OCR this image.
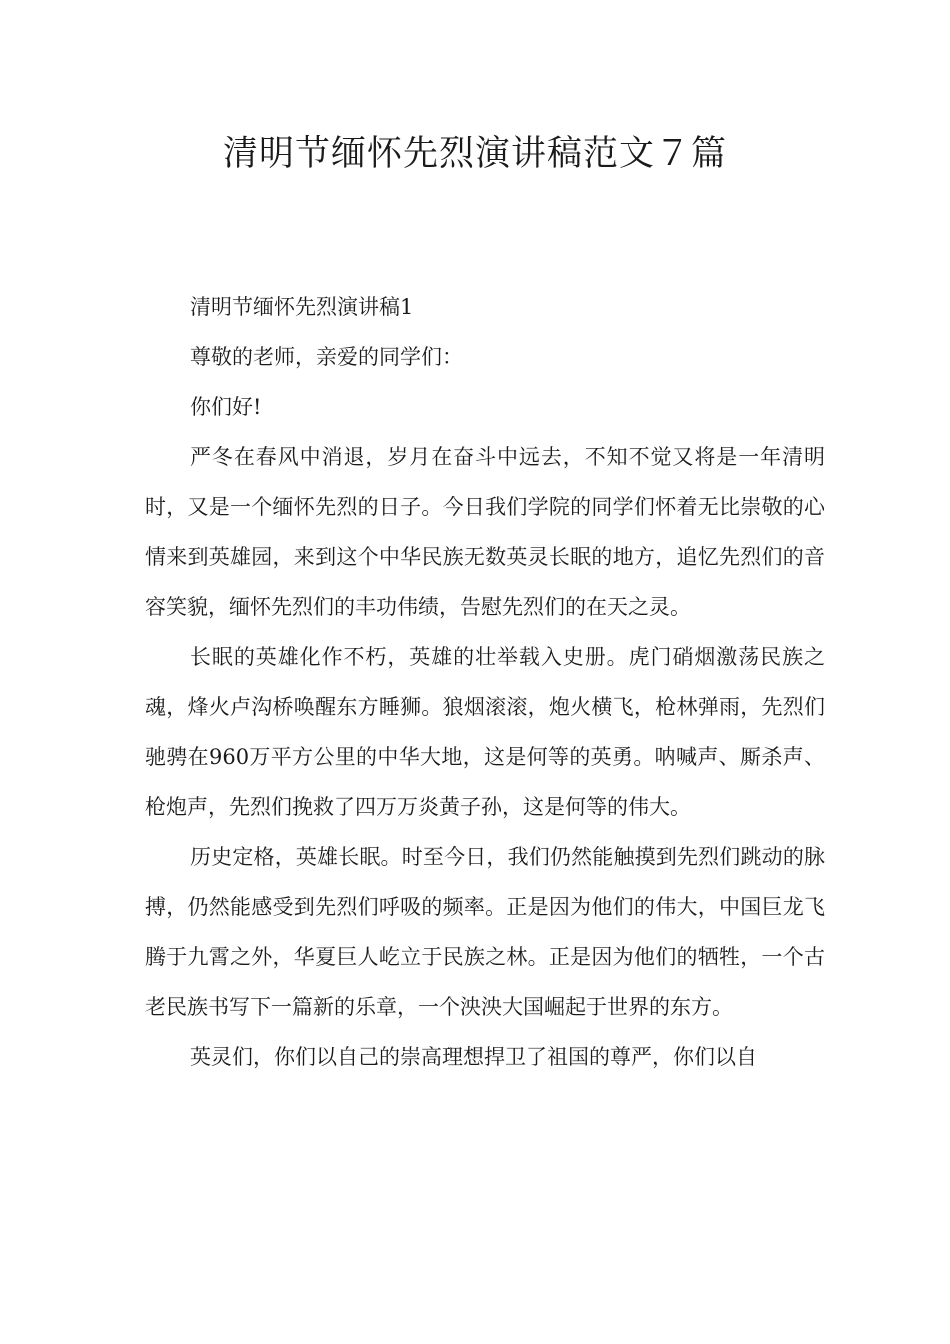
清明节缅怀先烈演讲稿范文７篇

清明节缅怀先烈演讲稿1

尊敬的老师，亲爱的同学们：

你们好!

严冬在春风中消退，岁月在奋斗中远去，不知不觉又将是一年清明时，又是一个缅怀先烈的日子。今日我们学院的同学们怀着无比崇敬的心情来到英雄园，来到这个中华民族无数英灵长眠的地方，追忆先烈们的音容笑貌，缅怀先烈们的丰功伟绩，告慰先烈们的在天之灵。

长眠的英雄化作不朽，英雄的壮举载入史册。虎门硝烟激荡民族之魂，烽火卢沟桥唤醒东方睡狮。狼烟滚滚，炮火横飞，枪林弹雨，先烈们驰骋在960万平方公里的中华大地，这是何等的英勇。呐喊声、厮杀声、枪炮声，先烈们挽救了四万万炎黄子孙，这是何等的伟大。

历史定格，英雄长眠。时至今日，我们仍然能触摸到先烈们跳动的脉搏，仍然能感受到先烈们呼吸的频率。正是因为他们的伟大，中国巨龙飞腾于九霄之外，华夏巨人屹立于民族之林。正是因为他们的牺牲，一个古老民族书写下一篇新的乐章，一个泱泱大国崛起于世界的东方。

英灵们，你们以自己的崇高理想捍卫了祖国的尊严，你们以自
